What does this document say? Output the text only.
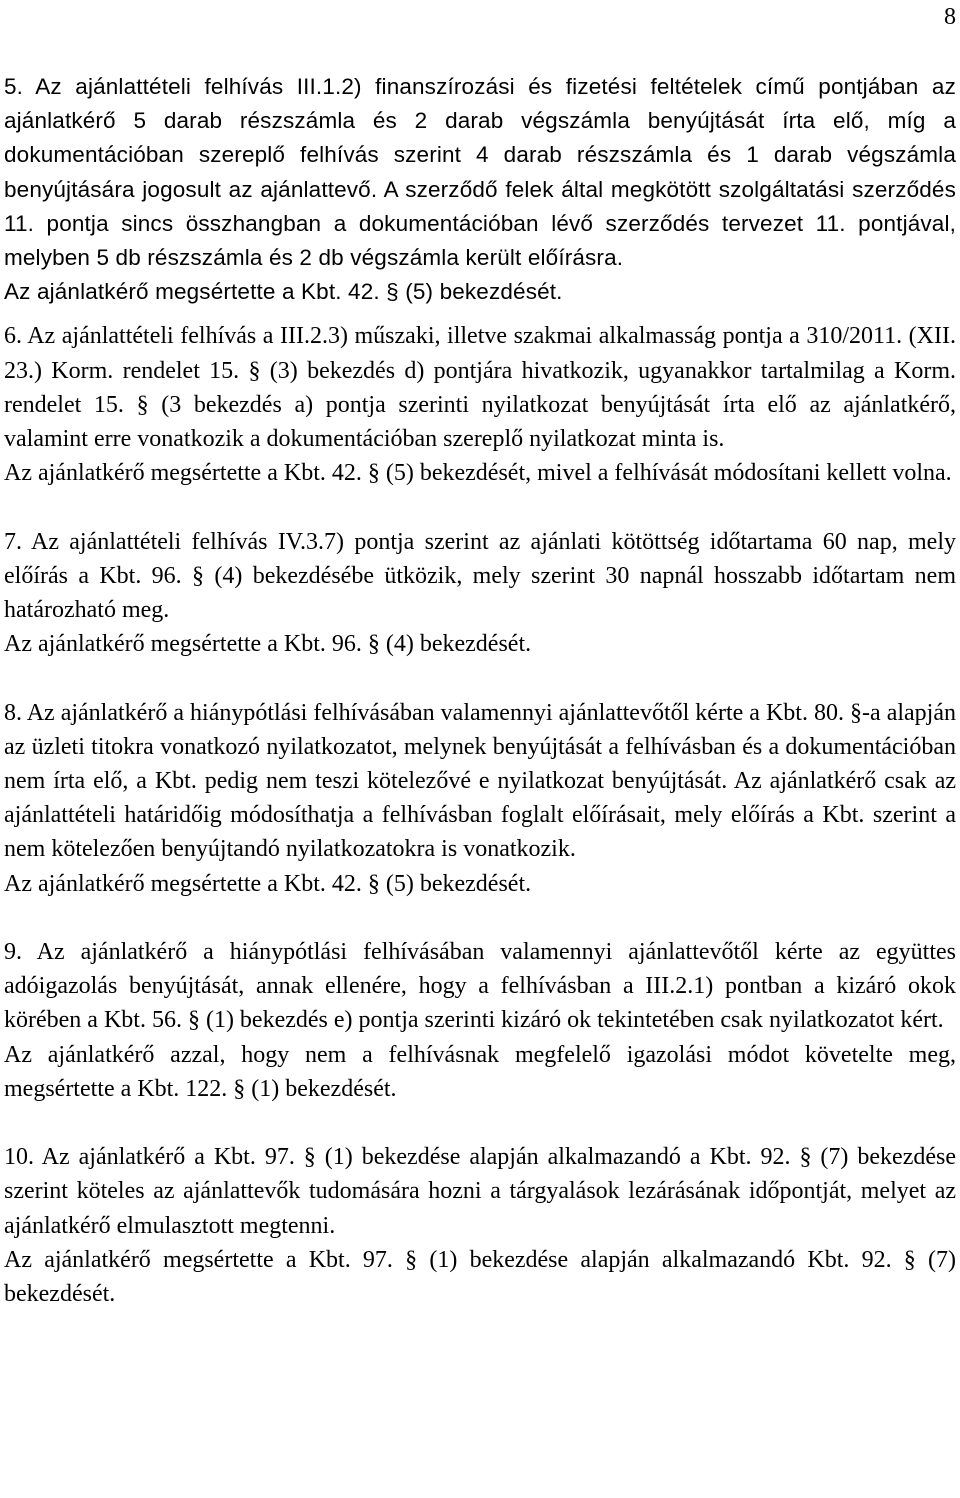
8

5. Az ajánlattételi felhívás III.1.2) finanszírozási és fizetési feltételek című pontjában az ajánlatkérő 5 darab részszámla és 2 darab végszámla benyújtását írta elő, míg a dokumentációban szereplő felhívás szerint 4 darab részszámla és 1 darab végszámla benyújtására jogosult az ajánlattevő. A szerződő felek által megkötött szolgáltatási szerződés 11. pontja sincs összhangban a dokumentációban lévő szerződés tervezet 11. pontjával, melyben 5 db részszámla és 2 db végszámla került előírásra.

Az ajánlatkérő megsértette a Kbt. 42. § (5) bekezdését.

6. Az ajánlattételi felhívás a III.2.3) műszaki, illetve szakmai alkalmasság pontja a 310/2011. (XII. 23.) Korm. rendelet 15. § (3) bekezdés d) pontjára hivatkozik, ugyanakkor tartalmilag a Korm. rendelet 15. § (3 bekezdés a) pontja szerinti nyilatkozat benyújtását írta elő az ajánlatkérő, valamint erre vonatkozik a dokumentációban szereplő nyilatkozat minta is.

Az ajánlatkérő megsértette a Kbt. 42. § (5) bekezdését, mivel a felhívását módosítani kellett volna.

7. Az ajánlattételi felhívás IV.3.7) pontja szerint az ajánlati kötöttség időtartama 60 nap, mely előírás a Kbt. 96. § (4) bekezdésébe ütközik, mely szerint 30 napnál hosszabb időtartam nem határozható meg.

Az ajánlatkérő megsértette a Kbt. 96. § (4) bekezdését.

8. Az ajánlatkérő a hiánypótlási felhívásában valamennyi ajánlattevőtől kérte a Kbt. 80. §-a alapján az üzleti titokra vonatkozó nyilatkozatot, melynek benyújtását a felhívásban és a dokumentációban nem írta elő, a Kbt. pedig nem teszi kötelezővé e nyilatkozat benyújtását. Az ajánlatkérő csak az ajánlattételi határidőig módosíthatja a felhívásban foglalt előírásait, mely előírás a Kbt. szerint a nem kötelezően benyújtandó nyilatkozatokra is vonatkozik.

Az ajánlatkérő megsértette a Kbt. 42. § (5) bekezdését.

9. Az ajánlatkérő a hiánypótlási felhívásában valamennyi ajánlattevőtől kérte az együttes adóigazolás benyújtását, annak ellenére, hogy a felhívásban a III.2.1) pontban a kizáró okok körében a Kbt. 56. § (1) bekezdés e) pontja szerinti kizáró ok tekintetében csak nyilatkozatot kért.

Az ajánlatkérő azzal, hogy nem a felhívásnak megfelelő igazolási módot követelte meg, megsértette a Kbt. 122. § (1) bekezdését.

10. Az ajánlatkérő a Kbt. 97. § (1) bekezdése alapján alkalmazandó a Kbt. 92. § (7) bekezdése szerint köteles az ajánlattevők tudomására hozni a tárgyalások lezárásának időpontját, melyet az ajánlatkérő elmulasztott megtenni.

Az ajánlatkérő megsértette a Kbt. 97. § (1) bekezdése alapján alkalmazandó Kbt. 92. § (7) bekezdését.
